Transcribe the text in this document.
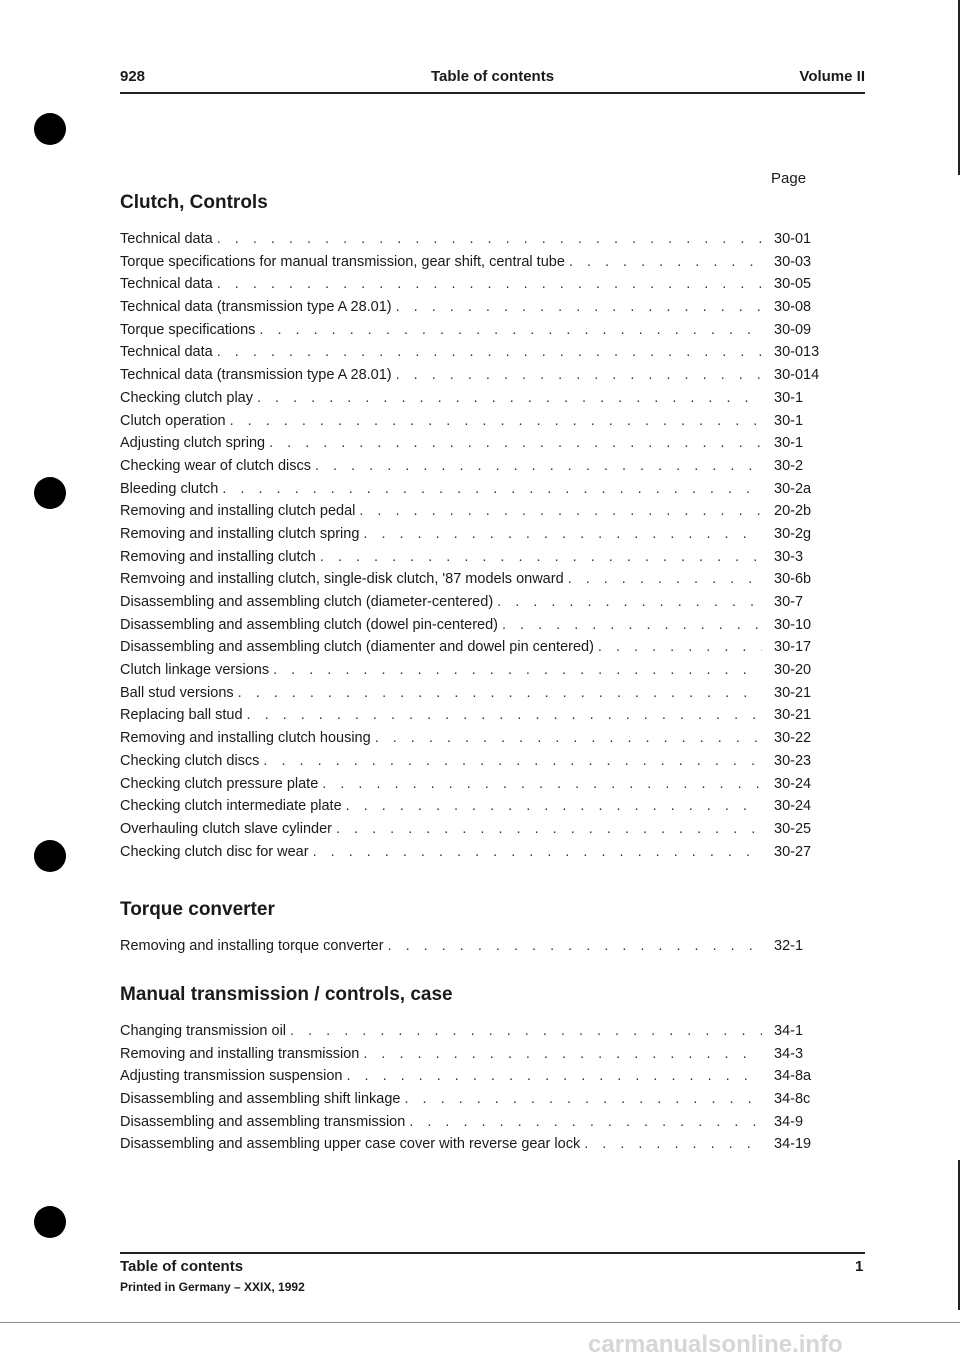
928	Table of contents	Volume II
Page
Clutch, Controls
Technical data . . .	30-01
Torque specifications for manual transmission, gear shift, central tube . . .	30-03
Technical data . . .	30-05
Technical data (transmission type A 28.01) . . .	30-08
Torque specifications . . .	30-09
Technical data . . .	30-013
Technical data (transmission type A 28.01) . . .	30-014
Checking clutch play . . .	30-1
Clutch operation . . .	30-1
Adjusting clutch spring . . .	30-1
Checking wear of clutch discs . . .	30-2
Bleeding clutch . . .	30-2a
Removing and installing clutch pedal . . .	20-2b
Removing and installing clutch spring . . .	30-2g
Removing and installing clutch . . .	30-3
Remvoing and installing clutch, single-disk clutch, '87 models onward . . .	30-6b
Disassembling and assembling clutch (diameter-centered) . . .	30-7
Disassembling and assembling clutch (dowel pin-centered) . . .	30-10
Disassembling and assembling clutch (diamenter and dowel pin centered) . . .	30-17
Clutch linkage versions . . .	30-20
Ball stud versions . . .	30-21
Replacing ball stud . . .	30-21
Removing and installing clutch housing . . .	30-22
Checking clutch discs . . .	30-23
Checking clutch pressure plate . . .	30-24
Checking clutch intermediate plate . . .	30-24
Overhauling clutch slave cylinder . . .	30-25
Checking clutch disc for wear . . .	30-27
Torque converter
Removing and installing torque converter . . .	32-1
Manual transmission / controls, case
Changing transmission oil . . .	34-1
Removing and installing transmission . . .	34-3
Adjusting transmission suspension . . .	34-8a
Disassembling and assembling shift linkage . . .	34-8c
Disassembling and assembling transmission . . .	34-9
Disassembling and assembling upper case cover with reverse gear lock . . .	34-19
Table of contents	1
Printed in Germany – XXIX, 1992
carmanualsonline.info
